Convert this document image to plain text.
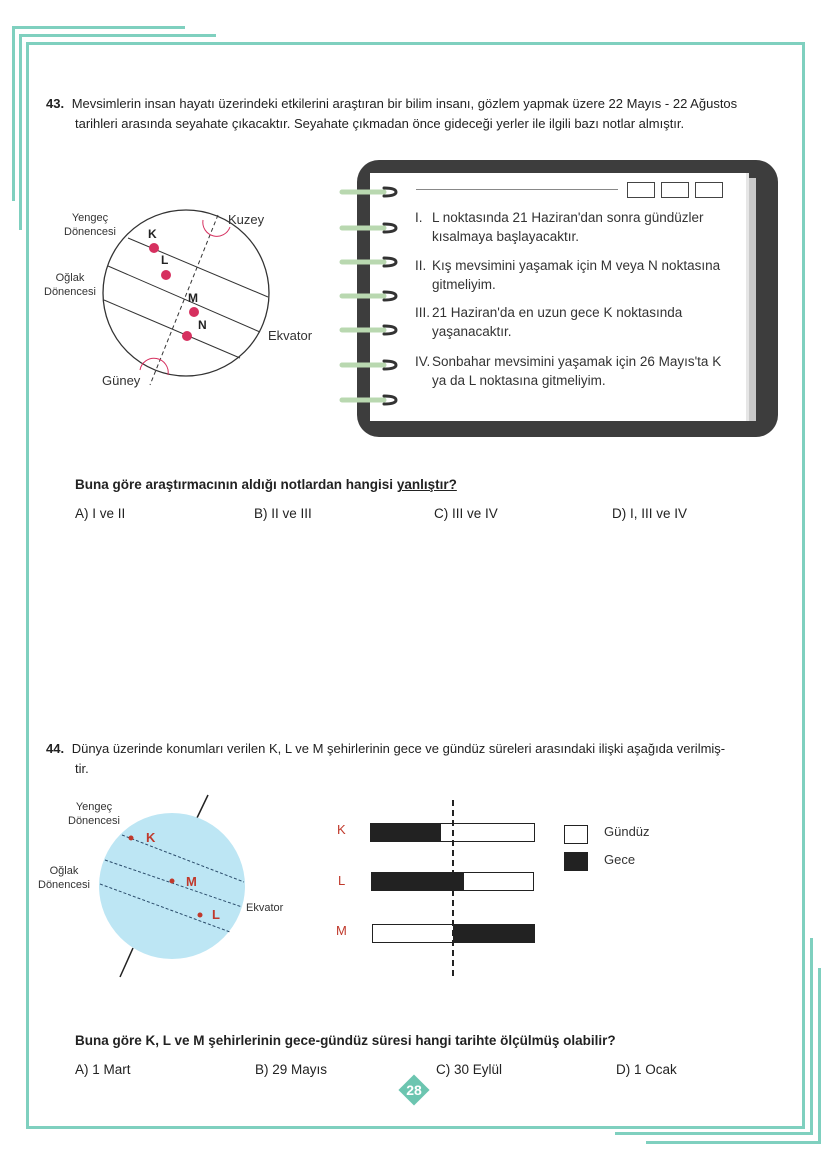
43. Mevsimlerin insan hayatı üzerindeki etkilerini araştıran bir bilim insanı, gözlem yapmak üzere 22 Mayıs - 22 Ağustos
tarihleri arasında seyahate çıkacaktır. Seyahate çıkmadan önce gideceği yerler ile ilgili bazı notlar almıştır.
Yengeç
Dönencesi
Oğlak
Dönencesi
Kuzey
Güney
Ekvator
K
L
M
N
I. L noktasında 21 Haziran'dan sonra gündüzler
kısalmaya başlayacaktır.
II. Kış mevsimini yaşamak için M veya N noktasına
gitmeliyim.
III. 21 Haziran'da en uzun gece K noktasında
yaşanacaktır.
IV. Sonbahar mevsimini yaşamak için 26 Mayıs'ta K
ya da L noktasına gitmeliyim.
Buna göre araştırmacının aldığı notlardan hangisi yanlıştır?
A) I ve II	B) II ve III	C) III ve IV	D) I, III ve IV
44. Dünya üzerinde konumları verilen K, L ve M şehirlerinin gece ve gündüz süreleri arasındaki ilişki aşağıda verilmiş-
tir.
Yengeç
Dönencesi
Oğlak
Dönencesi
Ekvator
K
M
L
K
L
M
Gündüz
Gece
Buna göre K, L ve M şehirlerinin gece-gündüz süresi hangi tarihte ölçülmüş olabilir?
A) 1 Mart	B) 29 Mayıs	C) 30 Eylül	D) 1 Ocak
28
